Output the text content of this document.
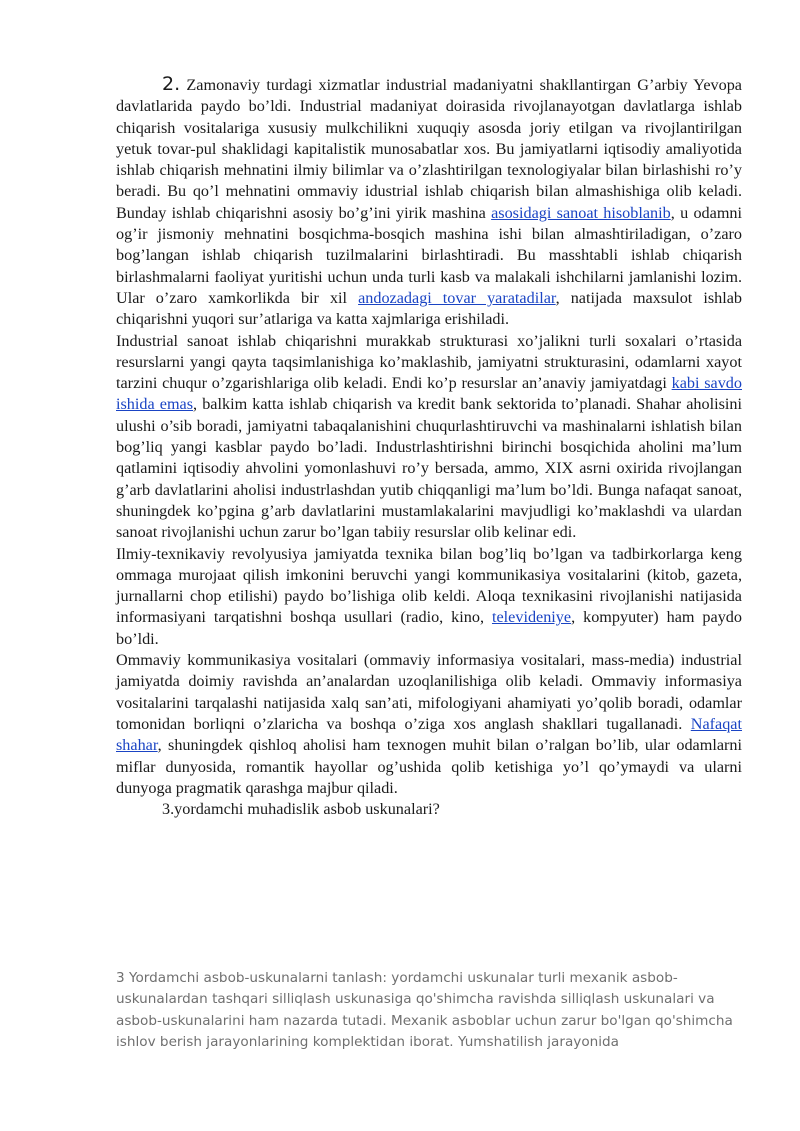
2. Zamonaviy turdagi xizmatlar industrial madaniyatni shakllantirgan G’arbiy Yevopa davlatlarida paydo bo’ldi. Industrial madaniyat doirasida rivojlanayotgan davlatlarga ishlab chiqarish vositalariga xususiy mulkchilikni xuquqiy asosda joriy etilgan va rivojlantirilgan yetuk tovar-pul shaklidagi kapitalistik munosabatlar xos. Bu jamiyatlarni iqtisodiy amaliyotida ishlab chiqarish mehnatini ilmiy bilimlar va o’zlashtirilgan texnologiyalar bilan birlashishi ro’y beradi. Bu qo’l mehnatini ommaviy idustrial ishlab chiqarish bilan almashishiga olib keladi. Bunday ishlab chiqarishni asosiy bo’g’ini yirik mashina asosidagi sanoat hisoblanib, u odamni og’ir jismoniy mehnatini bosqichma-bosqich mashina ishi bilan almashtiriladigan, o’zaro bog’langan ishlab chiqarish tuzilmalarini birlashtiradi. Bu masshtabli ishlab chiqarish birlashmalarni faoliyat yuritishi uchun unda turli kasb va malakali ishchilarni jamlanishi lozim. Ular o’zaro xamkorlikda bir xil andozadagi tovar yaratadilar, natijada maxsulot ishlab chiqarishni yuqori sur’atlariga va katta xajmlariga erishiladi.

Industrial sanoat ishlab chiqarishni murakkab strukturasi xo’jalikni turli soxalari o’rtasida resurslarni yangi qayta taqsimlanishiga ko’maklashib, jamiyatni strukturasini, odamlarni xayot tarzini chuqur o’zgarishlariga olib keladi. Endi ko’p resurslar an’anaviy jamiyatdagi kabi savdo ishida emas, balkim katta ishlab chiqarish va kredit bank sektorida to’planadi. Shahar aholisini ulushi o’sib boradi, jamiyatni tabaqalanishini chuqurlashtiruvchi va mashinalarni ishlatish bilan bog’liq yangi kasblar paydo bo’ladi. Industrlashtirishni birinchi bosqichida aholini ma’lum qatlamini iqtisodiy ahvolini yomonlashuvi ro’y bersada, ammo, XIX asrni oxirida rivojlangan g’arb davlatlarini aholisi industrlashdan yutib chiqqanligi ma’lum bo’ldi. Bunga nafaqat sanoat, shuningdek ko’pgina g’arb davlatlarini mustamlakalarini mavjudligi ko’maklashdi va ulardan sanoat rivojlanishi uchun zarur bo’lgan tabiiy resurslar olib kelinar edi.

Ilmiy-texnikaviy revolyusiya jamiyatda texnika bilan bog’liq bo’lgan va tadbirkorlarga keng ommaga murojaat qilish imkonini beruvchi yangi kommunikasiya vositalarini (kitob, gazeta, jurnallarni chop etilishi) paydo bo’lishiga olib keldi. Aloqa texnikasini rivojlanishi natijasida informasiyani tarqatishni boshqa usullari (radio, kino, televideniye, kompyuter) ham paydo bo’ldi.

Ommaviy kommunikasiya vositalari (ommaviy informasiya vositalari, mass-media) industrial jamiyatda doimiy ravishda an’analardan uzoqlanilishiga olib keladi. Ommaviy informasiya vositalarini tarqalashi natijasida xalq san’ati, mifologiyani ahamiyati yo’qolib boradi, odamlar tomonidan borliqni o’zlaricha va boshqa o’ziga xos anglash shakllari tugallanadi. Nafaqat shahar, shuningdek qishloq aholisi ham texnogen muhit bilan o’ralgan bo’lib, ular odamlarni miflar dunyosida, romantik hayollar og’ushida qolib ketishiga yo’l qo’ymaydi va ularni dunyoga pragmatik qarashga majbur qiladi.

3.yordamchi muhadislik asbob uskunalari?

3 Yordamchi asbob-uskunalarni tanlash: yordamchi uskunalar turli mexanik asbob-uskunalardan tashqari silliqlash uskunasiga qo'shimcha ravishda silliqlash uskunalari va asbob-uskunalarini ham nazarda tutadi. Mexanik asboblar uchun zarur bo'lgan qo'shimcha ishlov berish jarayonlarining komplektidan iborat. Yumshatilish jarayonida
